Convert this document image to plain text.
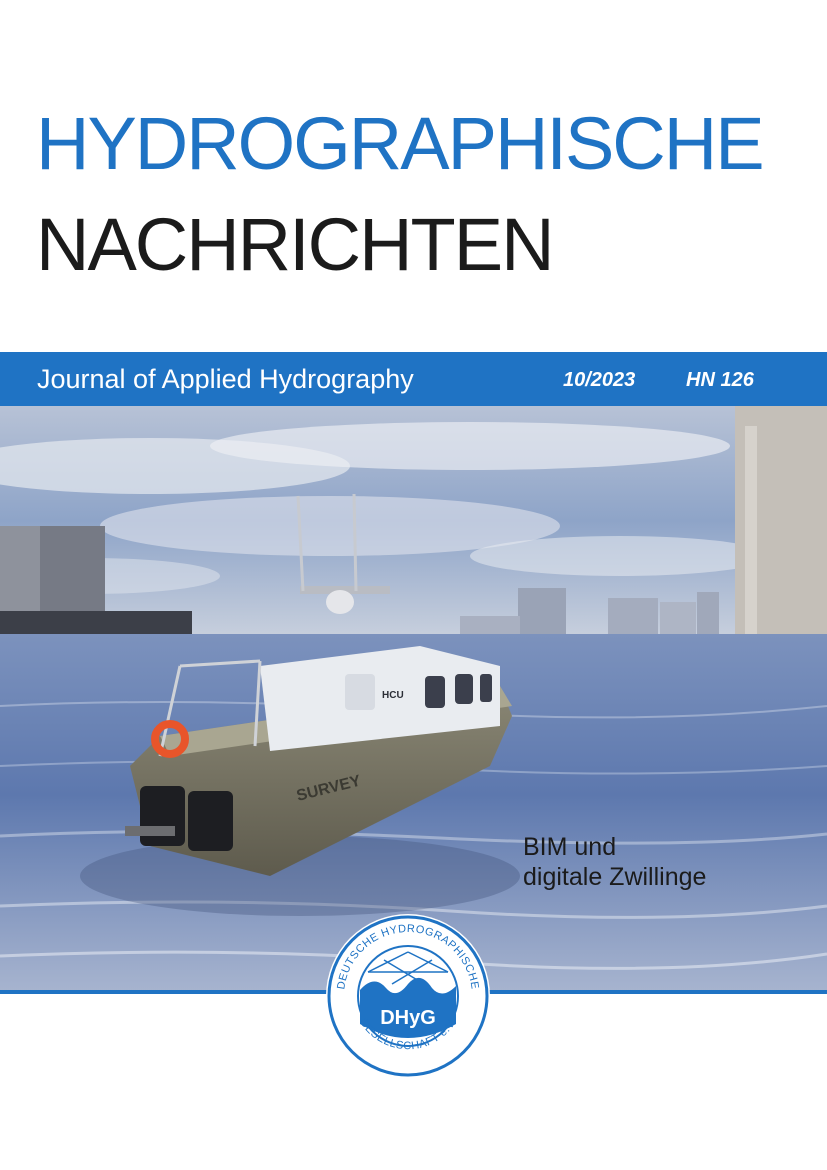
HYDROGRAPHISCHE
NACHRICHTEN
Journal of Applied Hydrography	10/2023	HN 126
SURVEY
HCU
BIM und
digitale Zwillinge
DHyG
DEUTSCHE HYDROGRAPHISCHE
GESELLSCHAFT e.V.
